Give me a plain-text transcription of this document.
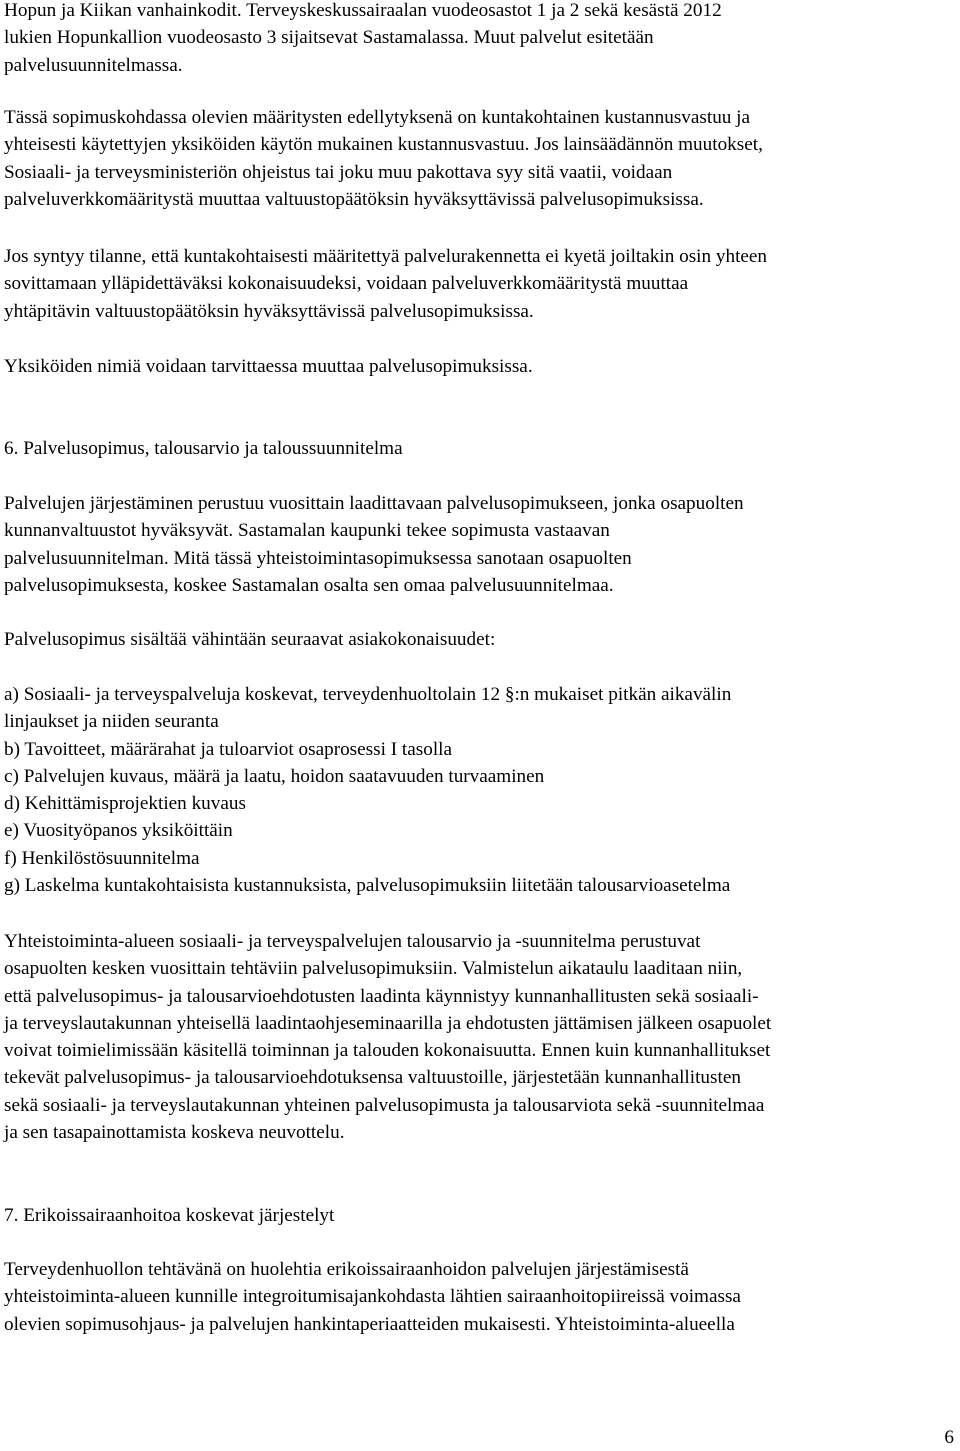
Hopun ja Kiikan vanhainkodit. Terveyskeskussairaalan vuodeosastot 1 ja 2 sekä kesästä 2012
lukien Hopunkallion vuodeosasto 3 sijaitsevat Sastamalassa. Muut palvelut esitetään
palvelusuunnitelmassa.
Tässä sopimuskohdassa olevien määritysten edellytyksenä on kuntakohtainen kustannusvastuu ja
yhteisesti käytettyjen yksiköiden käytön mukainen kustannusvastuu. Jos lainsäädännön muutokset,
Sosiaali- ja terveysministeriön ohjeistus tai joku muu pakottava syy sitä vaatii, voidaan
palveluverkkomääritystä muuttaa valtuustopäätöksin hyväksyttävissä palvelusopimuksissa.
Jos syntyy tilanne, että kuntakohtaisesti määritettyä palvelurakennetta ei kyetä joiltakin osin yhteen
sovittamaan ylläpidettäväksi kokonaisuudeksi, voidaan palveluverkkomääritystä muuttaa
yhtäpitävin valtuustopäätöksin hyväksyttävissä palvelusopimuksissa.
Yksiköiden nimiä voidaan tarvittaessa muuttaa palvelusopimuksissa.
6. Palvelusopimus, talousarvio ja taloussuunnitelma
Palvelujen järjestäminen perustuu vuosittain laadittavaan palvelusopimukseen, jonka osapuolten
kunnanvaltuustot hyväksyvät. Sastamalan kaupunki tekee sopimusta vastaavan
palvelusuunnitelman. Mitä tässä yhteistoimintasopimuksessa sanotaan osapuolten
palvelusopimuksesta, koskee Sastamalan osalta sen omaa palvelusuunnitelmaa.
Palvelusopimus sisältää vähintään seuraavat asiakokonaisuudet:
a) Sosiaali- ja terveyspalveluja koskevat, terveydenhuoltolain 12 §:n mukaiset pitkän aikavälin
linjaukset ja niiden seuranta
b) Tavoitteet, määrärahat ja tuloarviot osaprosessi I tasolla
c) Palvelujen kuvaus, määrä ja laatu, hoidon saatavuuden turvaaminen
d) Kehittämisprojektien kuvaus
e) Vuosityöpanos yksiköittäin
f) Henkilöstösuunnitelma
g) Laskelma kuntakohtaisista kustannuksista, palvelusopimuksiin liitetään talousarvioasetelma
Yhteistoiminta-alueen sosiaali- ja terveyspalvelujen talousarvio ja -suunnitelma perustuvat
osapuolten kesken vuosittain tehtäviin palvelusopimuksiin. Valmistelun aikataulu laaditaan niin,
että palvelusopimus- ja talousarvioehdotusten laadinta käynnistyy kunnanhallitusten sekä sosiaali-
ja terveyslautakunnan yhteisellä laadintaohjeseminaarilla ja ehdotusten jättämisen jälkeen osapuolet
voivat toimielimissään käsitellä toiminnan ja talouden kokonaisuutta. Ennen kuin kunnanhallitukset
tekevät palvelusopimus- ja talousarvioehdotuksensa valtuustoille, järjestetään kunnanhallitusten
sekä sosiaali- ja terveyslautakunnan yhteinen palvelusopimusta ja talousarviota sekä -suunnitelmaa
ja sen tasapainottamista koskeva neuvottelu.
7. Erikoissairaanhoitoa koskevat järjestelyt
Terveydenhuollon tehtävänä on huolehtia erikoissairaanhoidon palvelujen järjestämisestä
yhteistoiminta-alueen kunnille integroitumisajankohdasta lähtien sairaanhoitopiireissä voimassa
olevien sopimusohjaus- ja palvelujen hankintaperiaatteiden mukaisesti. Yhteistoiminta-alueella
6
